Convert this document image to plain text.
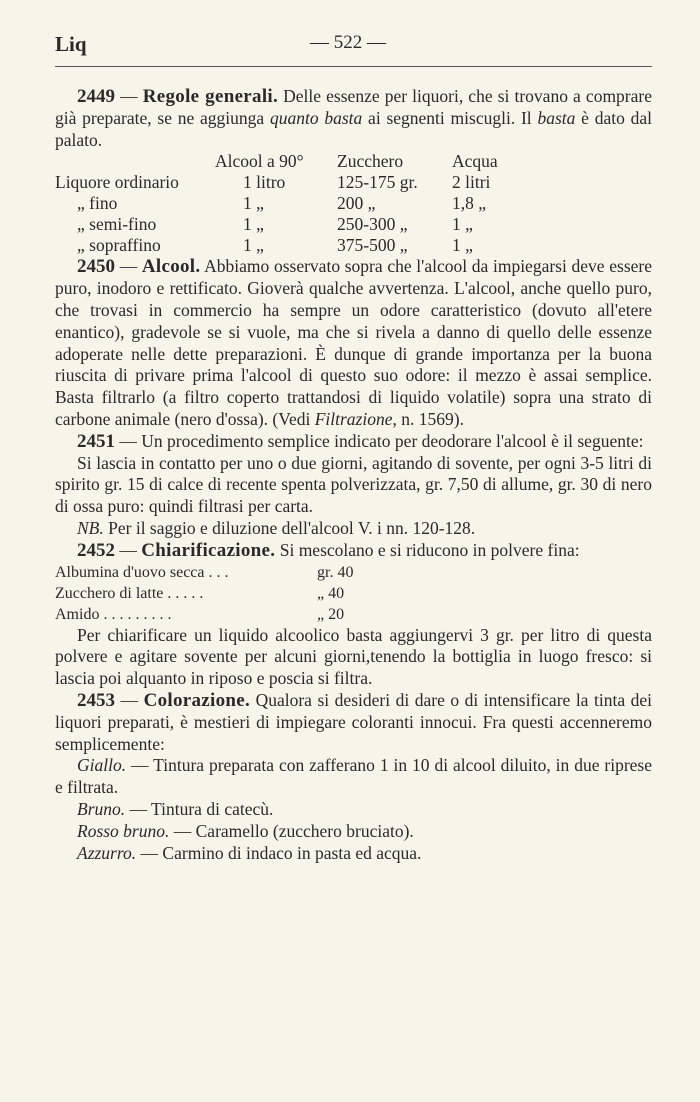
Liq	— 522 —

2449 — Regole generali. Delle essenze per liquori, che si trovano a comprare già preparate, se ne aggiunga quanto basta ai segnenti miscugli. Il basta è dato dal palato.

	Alcool a 90°	Zucchero	Acqua
Liquore ordinario	1 litro	125-175 gr.	2 litri
„ fino	1 „	200 „	1,8 „
„ semi-fino	1 „	250-300 „	1 „
„ sopraffino	1 „	375-500 „	1 „

2450 — Alcool. Abbiamo osservato sopra che l'alcool da impiegarsi deve essere puro, inodoro e rettificato. Gioverà qualche avvertenza. L'alcool, anche quello puro, che trovasi in commercio ha sempre un odore caratteristico (dovuto all'etere enantico), gradevole se si vuole, ma che si rivela a danno di quello delle essenze adoperate nelle dette preparazioni. È dunque di grande importanza per la buona riuscita di privare prima l'alcool di questo suo odore: il mezzo è assai semplice. Basta filtrarlo (a filtro coperto trattandosi di liquido volatile) sopra una strato di carbone animale (nero d'ossa). (Vedi Filtrazione, n. 1569).

2451 — Un procedimento semplice indicato per deodorare l'alcool è il seguente:

Si lascia in contatto per uno o due giorni, agitando di sovente, per ogni 3-5 litri di spirito gr. 15 di calce di recente spenta polverizzata, gr. 7,50 di allume, gr. 30 di nero di ossa puro: quindi filtrasi per carta.

NB. Per il saggio e diluzione dell'alcool V. i nn. 120-128.

2452 — Chiarificazione. Si mescolano e si riducono in polvere fina:

Albumina d'uovo secca . . .	gr. 40
Zucchero di latte . . . . .	„ 40
Amido . . . . . . . . .	„ 20

Per chiarificare un liquido alcoolico basta aggiungervi 3 gr. per litro di questa polvere e agitare sovente per alcuni giorni,tenendo la bottiglia in luogo fresco: si lascia poi alquanto in riposo e poscia si filtra.

2453 — Colorazione. Qualora si desideri di dare o di intensificare la tinta dei liquori preparati, è mestieri di impiegare coloranti innocui. Fra questi accenneremo semplicemente:

Giallo. — Tintura preparata con zafferano 1 in 10 di alcool diluito, in due riprese e filtrata.

Bruno. — Tintura di catecù.

Rosso bruno. — Caramello (zucchero bruciato).

Azzurro. — Carmino di indaco in pasta ed acqua.
